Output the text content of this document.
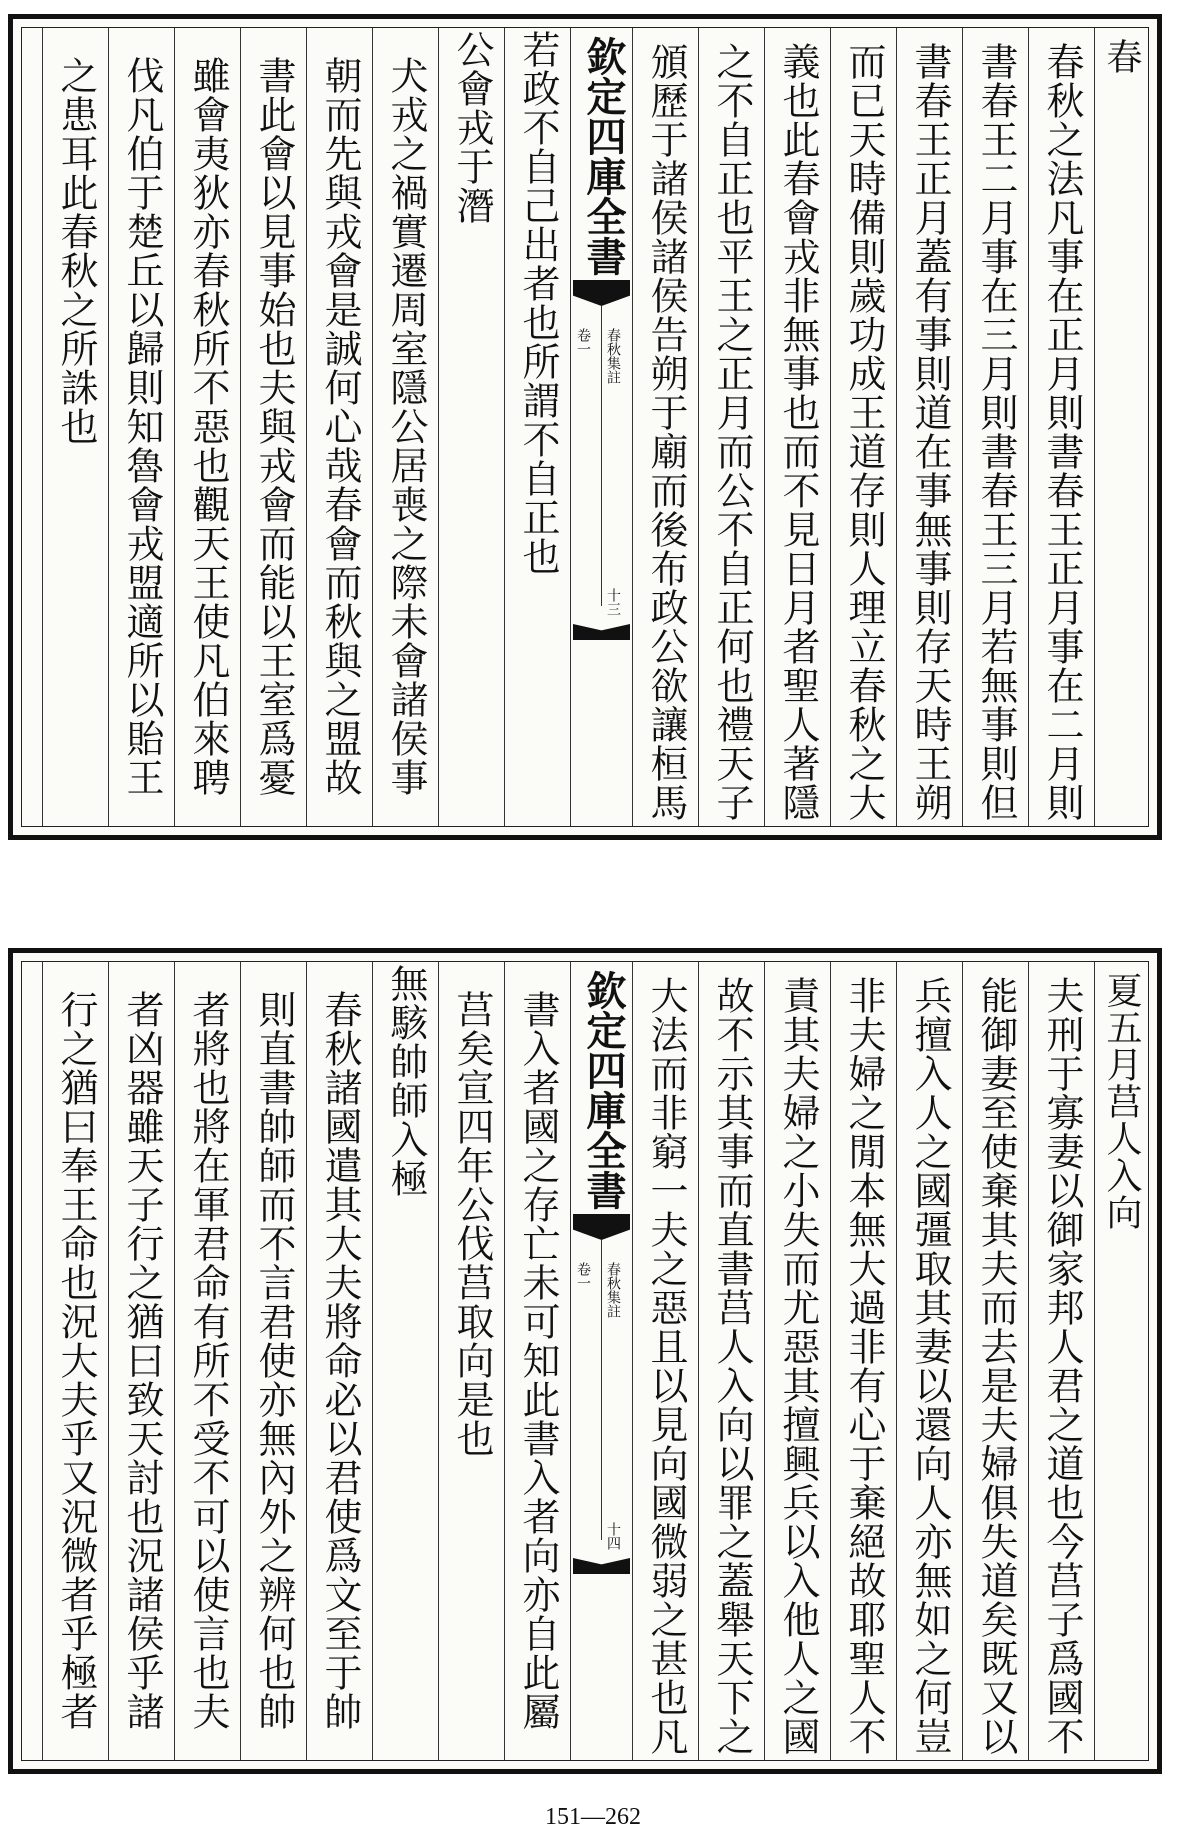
春
春秋之法凡事在正月則書春王正月事在二月則
書春王二月事在三月則書春王三月若無事則但
書春王正月蓋有事則道在事無事則存天時王朔
而已天時備則歲功成王道存則人理立春秋之大
義也此春會戎非無事也而不見日月者聖人著隱
之不自正也平王之正月而公不自正何也禮天子
頒歷于諸侯諸侯告朔于廟而後布政公欲讓桓馬
欽定四庫全書
卷一 春秋集註
十三
若政不自己出者也所謂不自正也
公會戎于潛
犬戎之禍實遷周室隱公居喪之際未會諸侯事
朝而先與戎會是誠何心哉春會而秋與之盟故
書此會以見事始也夫與戎會而能以王室爲憂
雖會夷狄亦春秋所不惡也觀天王使凡伯來聘
伐凡伯于楚丘以歸則知魯會戎盟適所以貽王
之患耳此春秋之所誅也
夏五月莒人入向
夫刑于寡妻以御家邦人君之道也今莒子爲國不
能御妻至使棄其夫而去是夫婦俱失道矣既又以
兵擅入人之國彊取其妻以還向人亦無如之何豈
非夫婦之閒本無大過非有心于棄絕故耶聖人不
責其夫婦之小失而尤惡其擅興兵以入他人之國
故不示其事而直書莒人入向以罪之蓋舉天下之
大法而非窮一夫之惡且以見向國微弱之甚也凡
欽定四庫全書
卷一 春秋集註
十四
書入者國之存亡未可知此書入者向亦自此屬
莒矣宣四年公伐莒取向是也
無駭帥師入極
春秋諸國遣其大夫將命必以君使爲文至于帥
則直書帥師而不言君使亦無內外之辨何也帥
者將也將在軍君命有所不受不可以使言也夫
者凶器雖天子行之猶曰致天討也況諸侯乎諸
行之猶曰奉王命也況大夫乎又況微者乎極者
151—262
